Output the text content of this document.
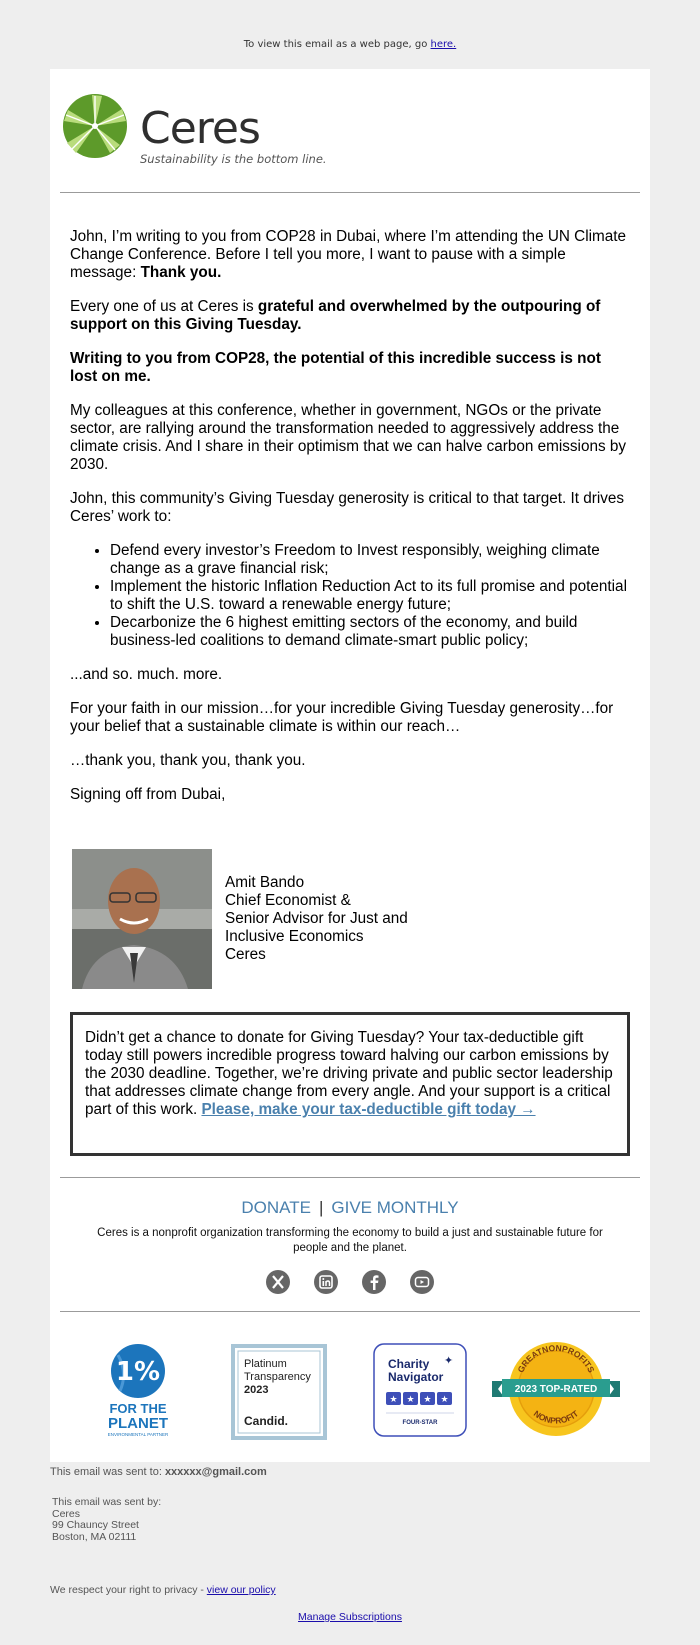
To view this email as a web page, go here.
Ceres
Sustainability is the bottom line.

John, I’m writing to you from COP28 in Dubai, where I’m attending the UN Climate Change Conference. Before I tell you more, I want to pause with a simple message: Thank you.

Every one of us at Ceres is grateful and overwhelmed by the outpouring of support on this Giving Tuesday.

Writing to you from COP28, the potential of this incredible success is not lost on me.

My colleagues at this conference, whether in government, NGOs or the private sector, are rallying around the transformation needed to aggressively address the climate crisis. And I share in their optimism that we can halve carbon emissions by 2030.

John, this community’s Giving Tuesday generosity is critical to that target. It drives Ceres’ work to:

• Defend every investor’s Freedom to Invest responsibly, weighing climate change as a grave financial risk;
• Implement the historic Inflation Reduction Act to its full promise and potential to shift the U.S. toward a renewable energy future;
• Decarbonize the 6 highest emitting sectors of the economy, and build business-led coalitions to demand climate-smart public policy;

...and so. much. more.

For your faith in our mission…for your incredible Giving Tuesday generosity…for your belief that a sustainable climate is within our reach…

…thank you, thank you, thank you.

Signing off from Dubai,

Amit Bando
Chief Economist &
Senior Advisor for Just and
Inclusive Economics
Ceres
Didn’t get a chance to donate for Giving Tuesday? Your tax-deductible gift today still powers incredible progress toward halving our carbon emissions by the 2030 deadline. Together, we’re driving private and public sector leadership that addresses climate change from every angle. And your support is a critical part of this work. Please, make your tax-deductible gift today →
DONATE | GIVE MONTHLY
Ceres is a nonprofit organization transforming the economy to build a just and sustainable future for people and the planet.
1%
FOR THE
PLANET
ENVIRONMENTAL PARTNER
Platinum
Transparency
2023
Candid.
Charity
Navigator
✦
★ ★ ★ ★
FOUR-STAR
GREATNONPROFITS
2023 TOP-RATED
NONPROFIT
This email was sent to: xxxxxx@gmail.com
This email was sent by:
Ceres
99 Chauncy Street
Boston, MA 02111
We respect your right to privacy - view our policy
Manage Subscriptions
